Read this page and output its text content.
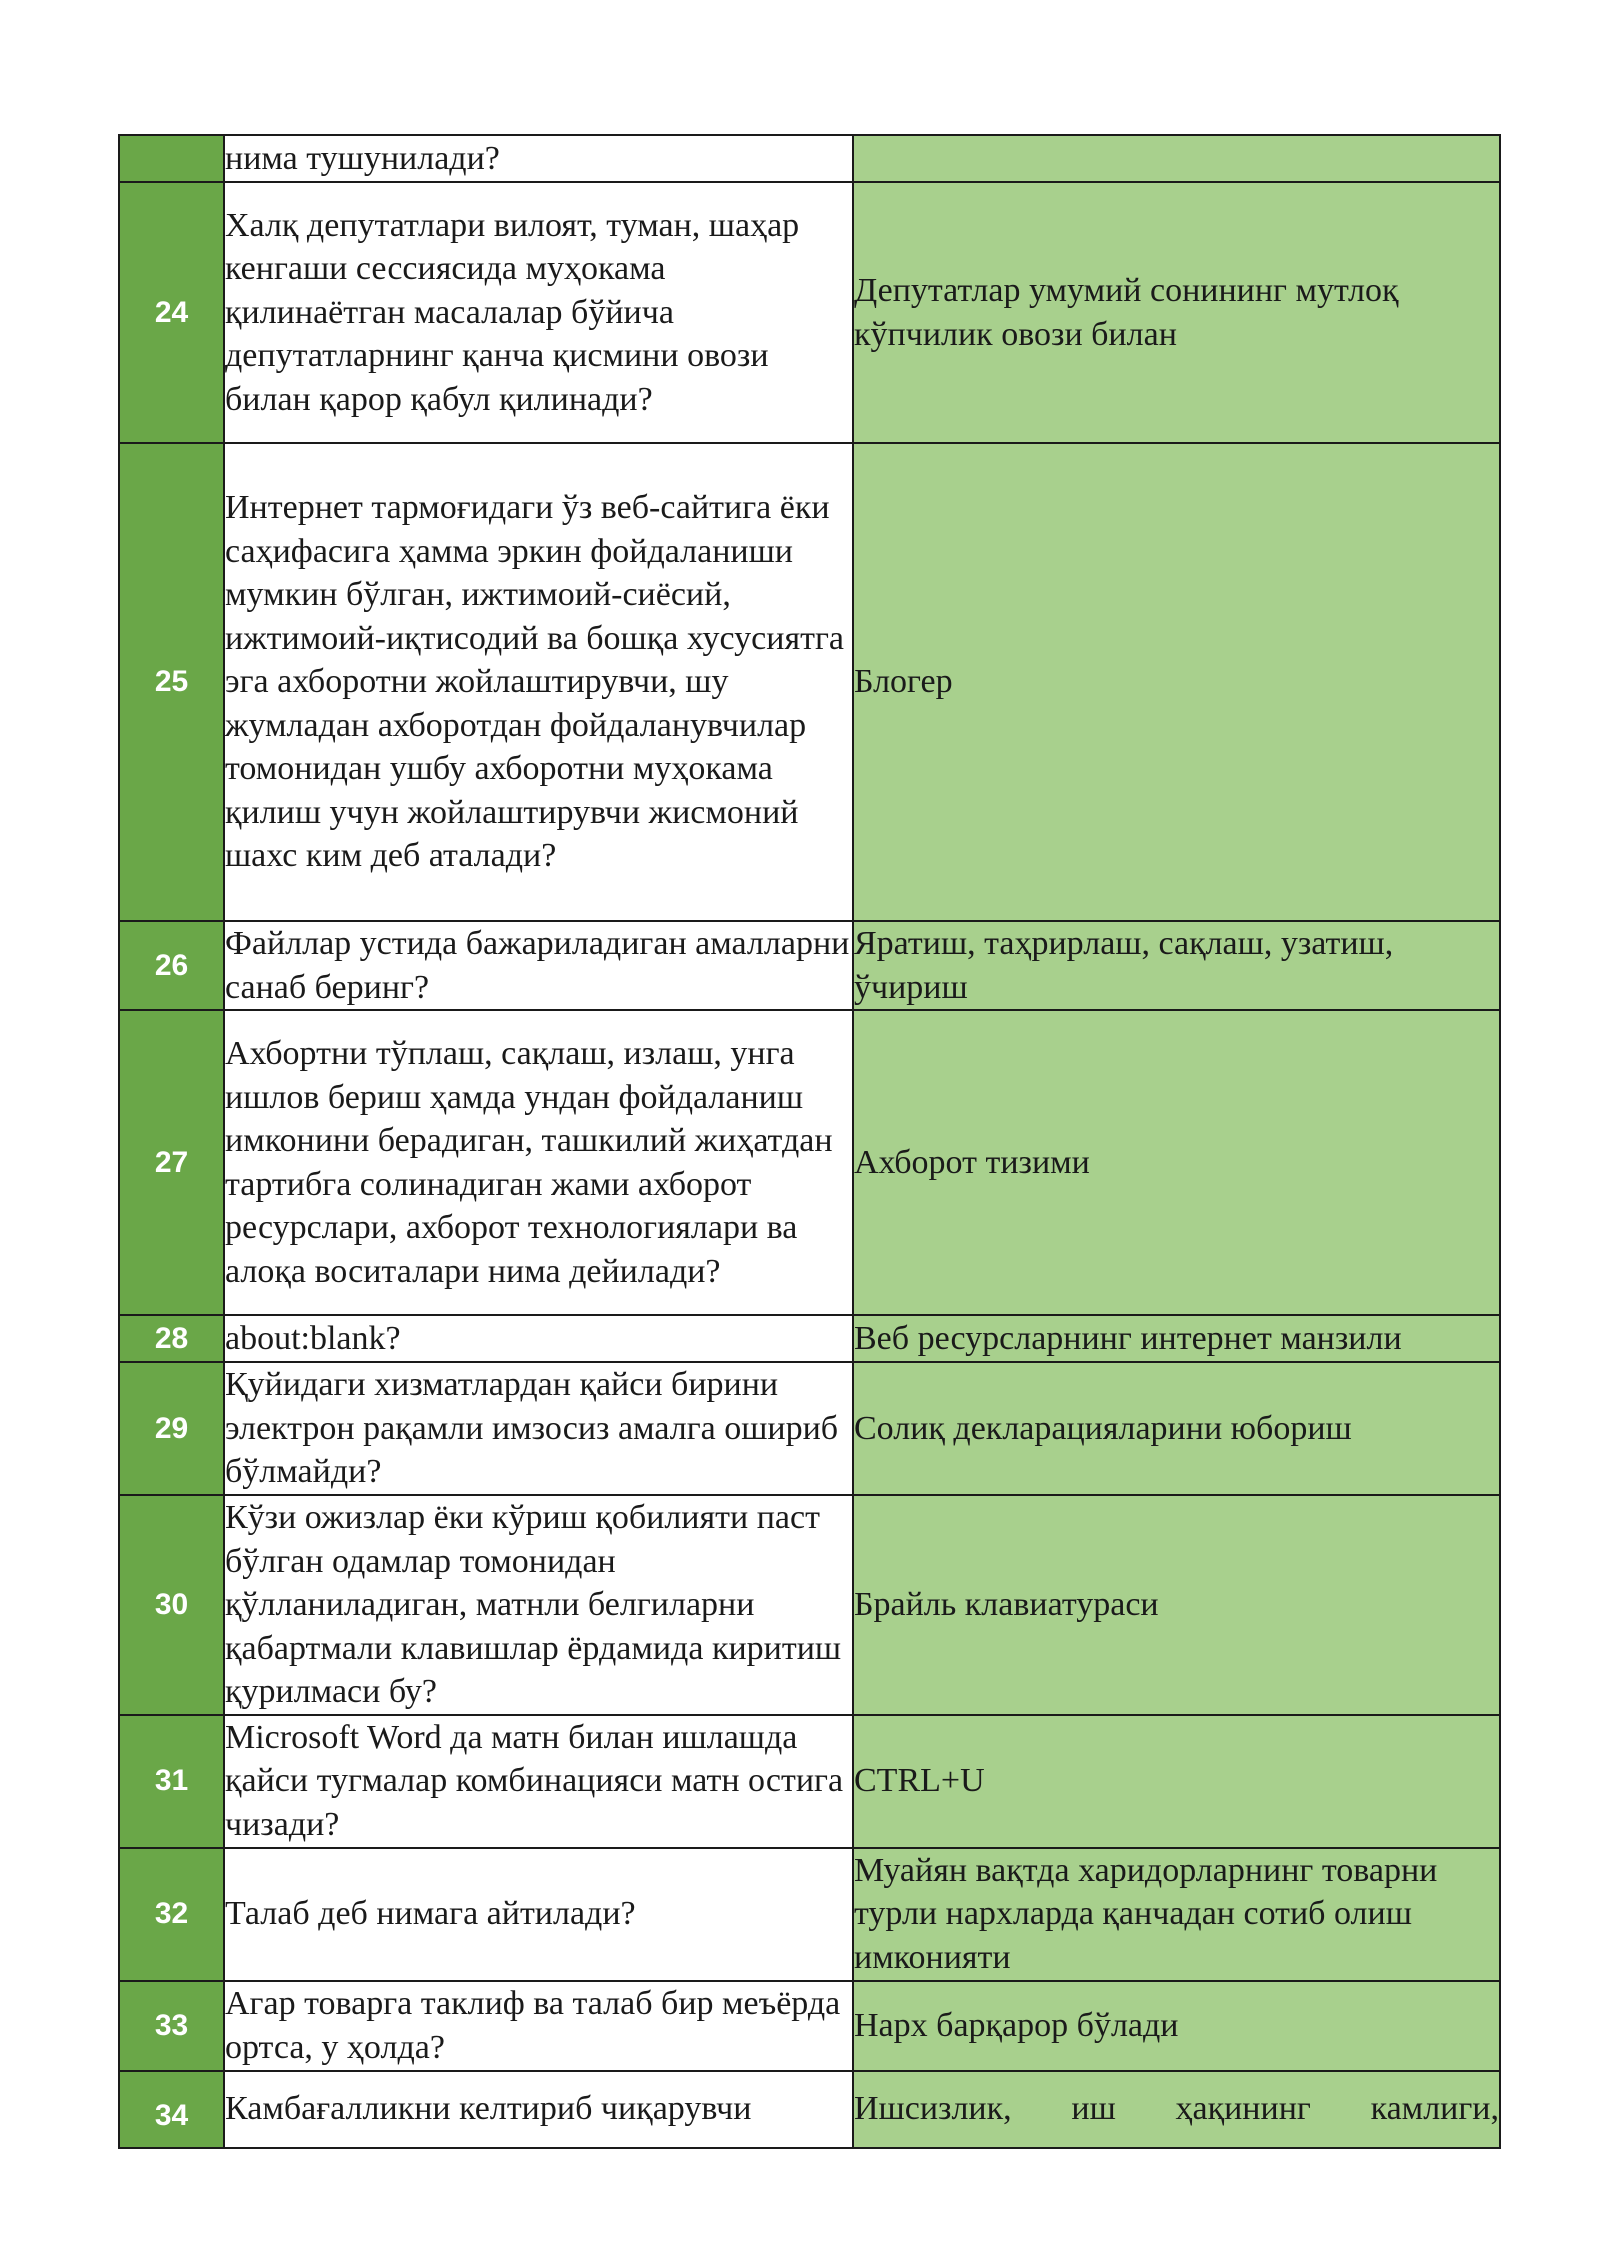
	нима тушунилади?	
24	Халқ депутатлари вилоят, туман, шаҳар кенгаши сессиясида муҳокама қилинаётган масалалар бўйича депутатларнинг қанча қисмини овози билан қарор қабул қилинади?	Депутатлар умумий сонининг мутлоқ кўпчилик овози билан
25	Интернет тармоғидаги ўз веб-сайтига ёки саҳифасига ҳамма эркин фойдаланиши мумкин бўлган, ижтимоий-сиёсий, ижтимоий-иқтисодий ва бошқа хусусиятга эга ахборотни жойлаштирувчи, шу жумладан ахборотдан фойдаланувчилар томонидан ушбу ахборотни муҳокама қилиш учун жойлаштирувчи жисмоний шахс ким деб аталади?	Блогер
26	Файллар устида бажариладиган амалларни санаб беринг?	Яратиш, таҳрирлаш, сақлаш, узатиш, ўчириш
27	Ахбортни тўплаш, сақлаш, излаш, унга ишлов бериш ҳамда ундан фойдаланиш имконини берадиган, ташкилий жиҳатдан тартибга солинадиган жами ахборот ресурслари, ахборот технологиялари ва алоқа воситалари нима дейилади?	Ахборот тизими
28	about:blank?	Веб ресурсларнинг интернет манзили
29	Қуйидаги хизматлардан қайси бирини электрон рақамли имзосиз амалга ошириб бўлмайди?	Солиқ декларацияларини юбориш
30	Кўзи ожизлар ёки кўриш қобилияти паст бўлган одамлар томонидан қўлланиладиган, матнли белгиларни қабартмали клавишлар ёрдамида киритиш қурилмаси бу?	Брайль клавиатураси
31	Microsoft Word да матн билан ишлашда қайси тугмалар комбинацияси матн остига чизади?	CTRL+U
32	Талаб деб нимага айтилади?	Муайян вақтда харидорларнинг товарни турли нархларда қанчадан сотиб олиш имконияти
33	Агар товарга таклиф ва талаб бир меъёрда ортса, у ҳолда?	Нарх барқарор бўлади
34	Камбағалликни келтириб чиқарувчи	Ишсизлик, иш ҳақининг камлиги,
